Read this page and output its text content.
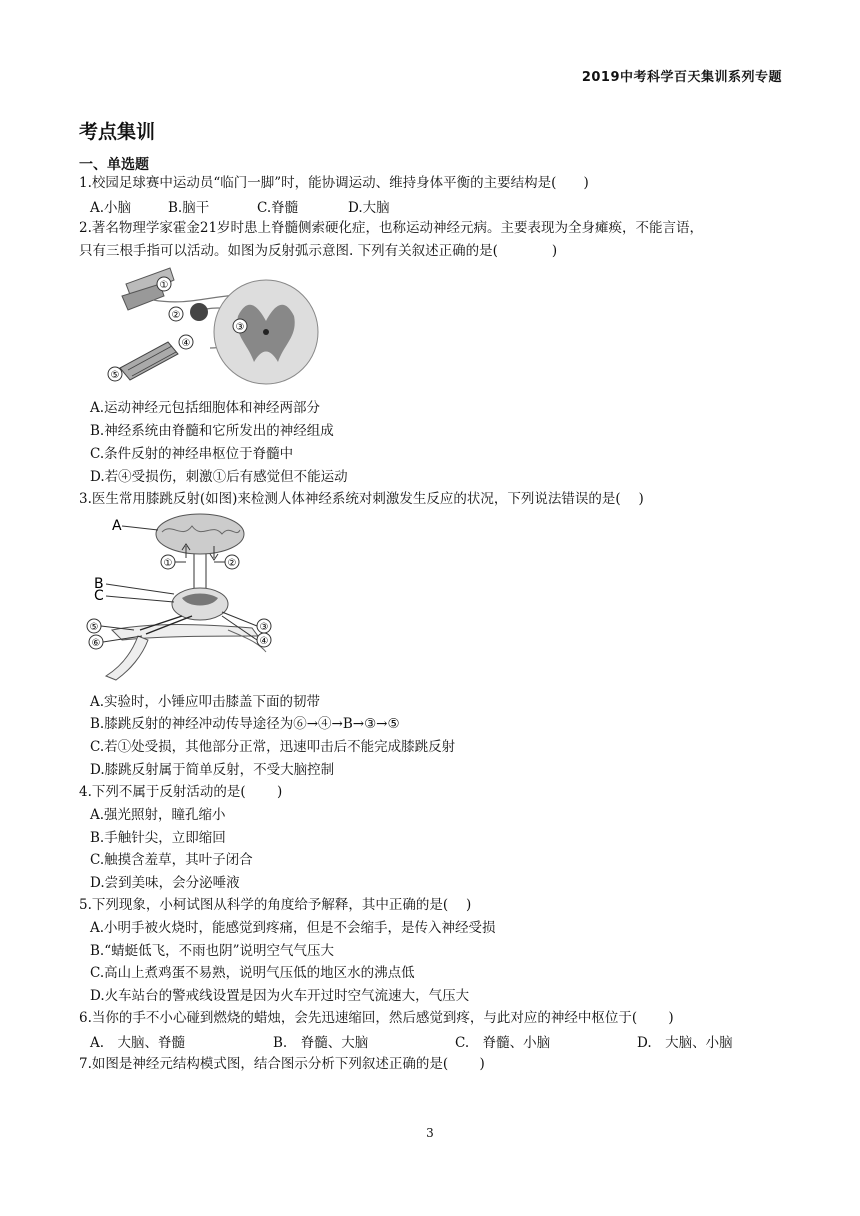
2019中考科学百天集训系列专题
考点集训
一、单选题
1.校园足球赛中运动员“临门一脚”时，能协调运动、维持身体平衡的主要结构是(　　)
A.小脑	B.脑干	C.脊髓	D.大脑
2.著名物理学家霍金21岁时患上脊髓侧索硬化症，也称运动神经元病。主要表现为全身瘫痪，不能言语，
只有三根手指可以活动。如图为反射弧示意图. 下列有关叙述正确的是(　　　　)
①
②
③
④
⑤
A.运动神经元包括细胞体和神经两部分
B.神经系统由脊髓和它所发出的神经组成
C.条件反射的神经串枢位于脊髓中
D.若④受损伤，刺激①后有感觉但不能运动
3.医生常用膝跳反射(如图)来检测人体神经系统对刺激发生反应的状况，下列说法错误的是(　 )
A
①	②
B
C
⑤
⑥
③
④
A.实验时，小锤应叩击膝盖下面的韧带
B.膝跳反射的神经冲动传导途径为⑥→④→B→③→⑤
C.若①处受损，其他部分正常，迅速叩击后不能完成膝跳反射
D.膝跳反射属于简单反射，不受大脑控制
4.下列不属于反射活动的是(　　 )
A.强光照射，瞳孔缩小
B.手触针尖，立即缩回
C.触摸含羞草，其叶子闭合
D.尝到美味，会分泌唾液
5.下列现象，小柯试图从科学的角度给予解释，其中正确的是(　 )
A.小明手被火烧时，能感觉到疼痛，但是不会缩手，是传入神经受损
B.“蜻蜓低飞，不雨也阴”说明空气气压大
C.高山上煮鸡蛋不易熟，说明气压低的地区水的沸点低
D.火车站台的警戒线设置是因为火车开过时空气流速大，气压大
6.当你的手不小心碰到燃烧的蜡烛，会先迅速缩回，然后感觉到疼，与此对应的神经中枢位于(　　 )
A.　大脑、脊髓	B.　脊髓、大脑	C.　脊髓、小脑	D.　大脑、小脑
7.如图是神经元结构模式图，结合图示分析下列叙述正确的是(　　 )
3
